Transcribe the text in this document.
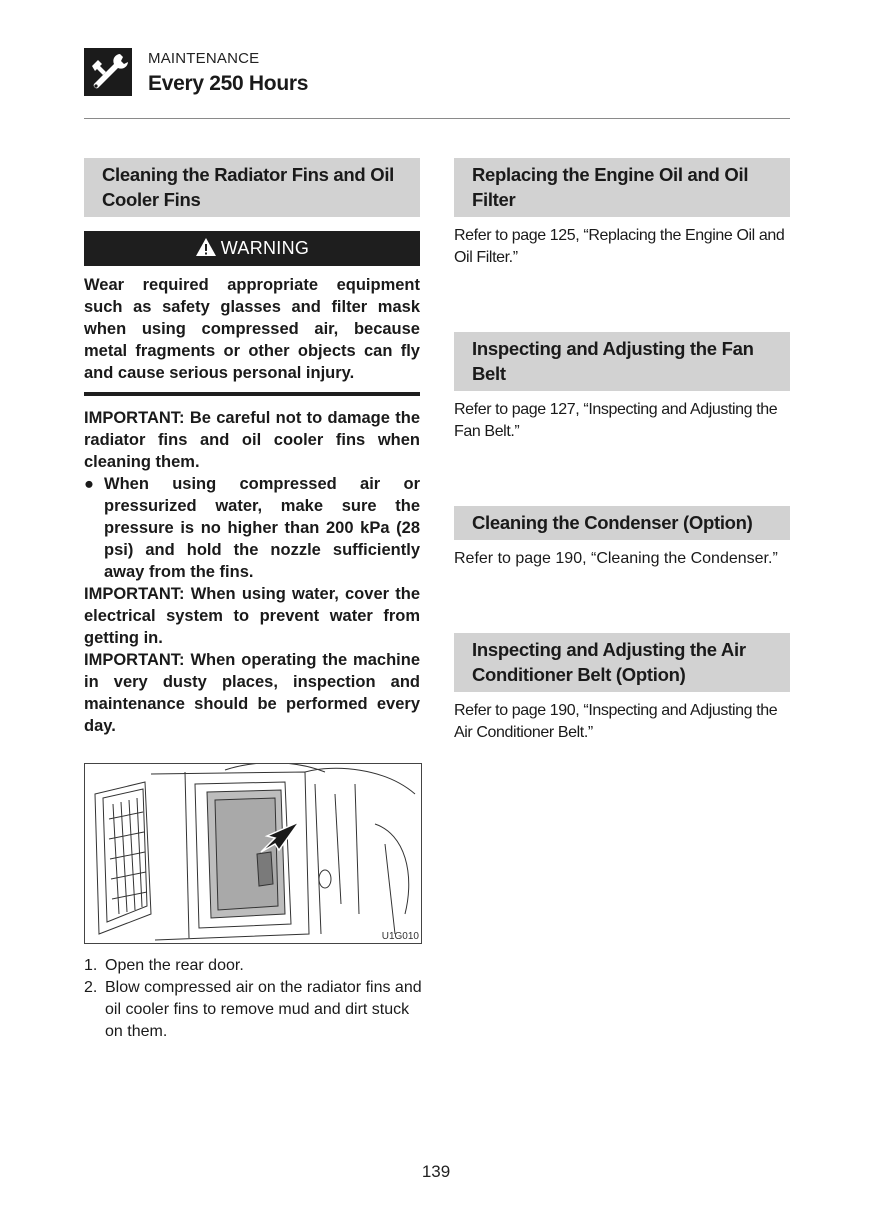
MAINTENANCE
Every 250 Hours
Cleaning the Radiator Fins and Oil Cooler Fins
WARNING
Wear required appropriate equipment such as safety glasses and filter mask when using compressed air, because metal fragments or other objects can fly and cause serious personal injury.
IMPORTANT: Be careful not to damage the radiator fins and oil cooler fins when cleaning them.
● When using compressed air or pressurized water, make sure the pressure is no higher than 200 kPa (28 psi) and hold the nozzle sufficiently away from the fins.
IMPORTANT: When using water, cover the electrical system to prevent water from getting in.
IMPORTANT: When operating the machine in very dusty places, inspection and maintenance should be performed every day.
U1G010
1. Open the rear door.
2. Blow compressed air on the radiator fins and oil cooler fins to remove mud and dirt stuck on them.
Replacing the Engine Oil and Oil Filter
Refer to page 125, “Replacing the Engine Oil and Oil Filter.”
Inspecting and Adjusting the Fan Belt
Refer to page 127, “Inspecting and Adjusting the Fan Belt.”
Cleaning the Condenser (Option)
Refer to page 190, “Cleaning the Condenser.”
Inspecting and Adjusting the Air Conditioner Belt (Option)
Refer to page 190, “Inspecting and Adjusting the Air Conditioner Belt.”
139
